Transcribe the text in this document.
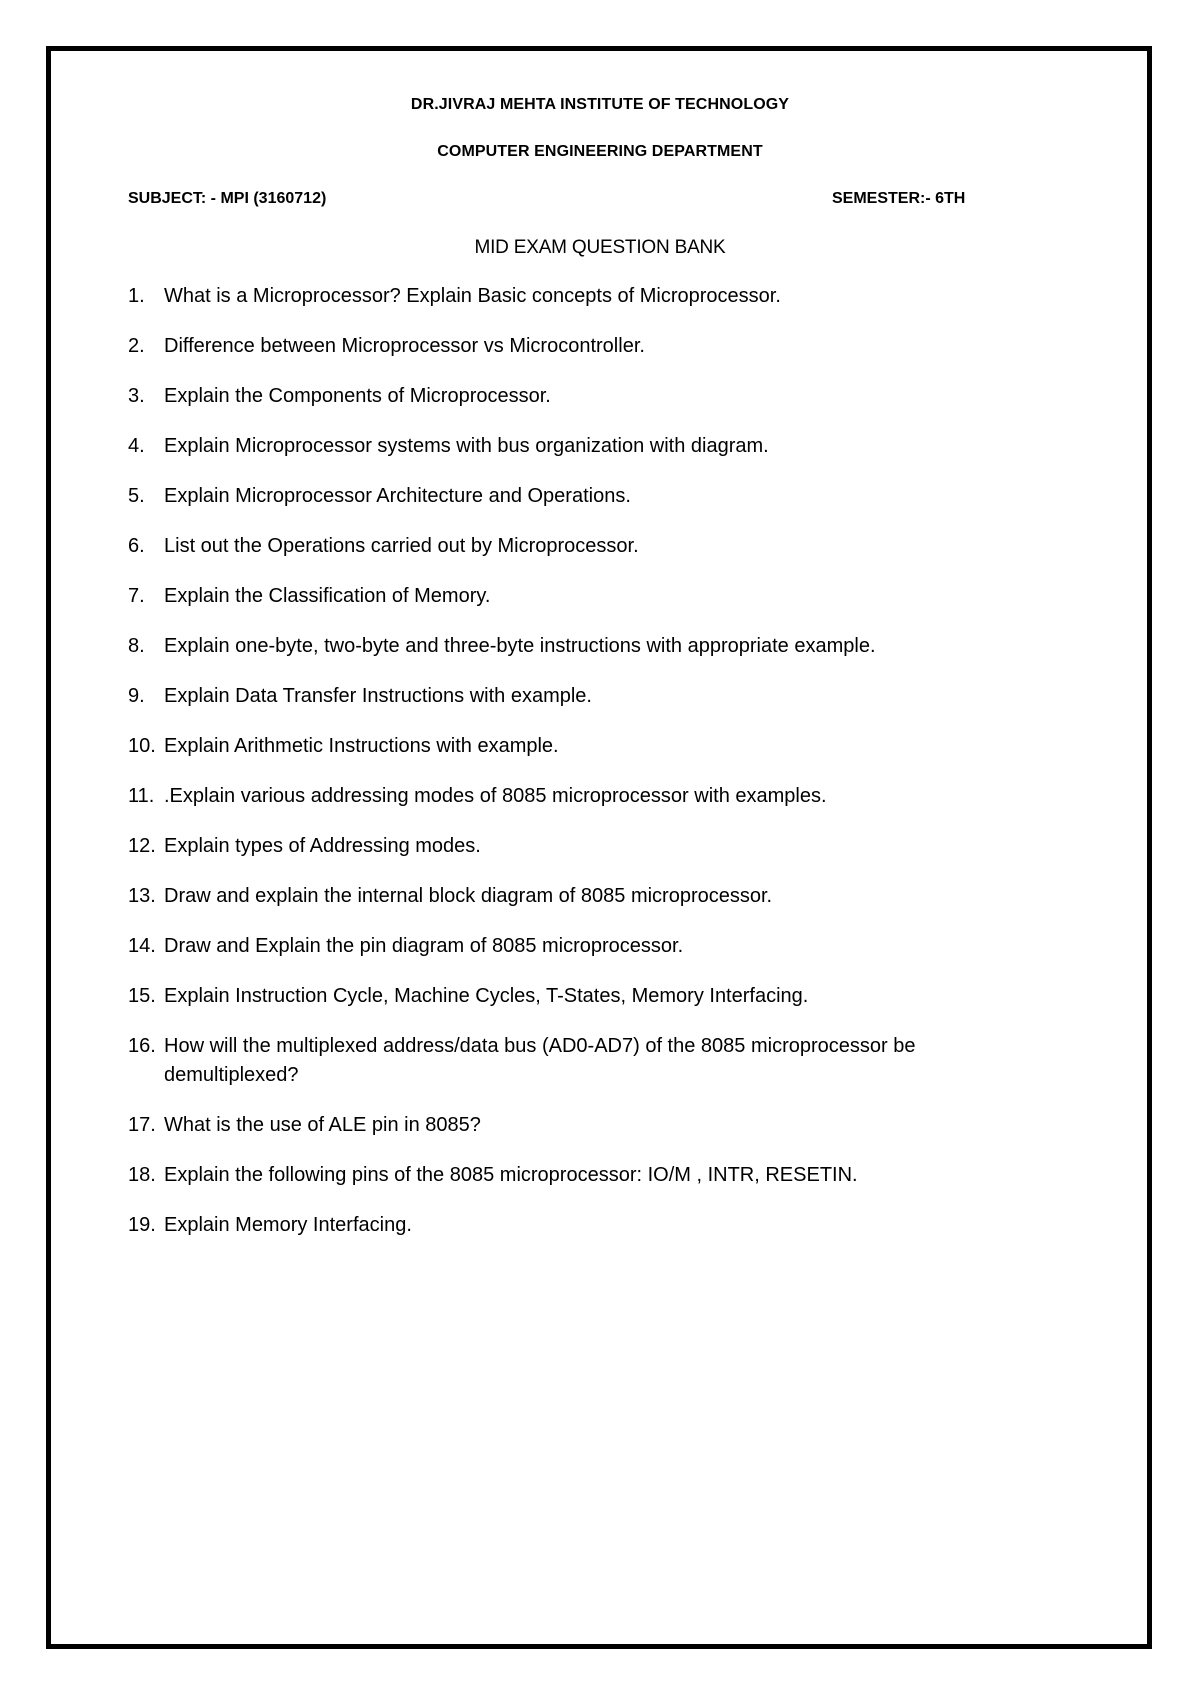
DR.JIVRAJ MEHTA INSTITUTE OF TECHNOLOGY
COMPUTER ENGINEERING DEPARTMENT
SUBJECT: - MPI (3160712)	SEMESTER:- 6TH
MID EXAM QUESTION BANK
1. What is a Microprocessor? Explain Basic concepts of Microprocessor.
2. Difference between Microprocessor vs Microcontroller.
3. Explain the Components of Microprocessor.
4. Explain Microprocessor systems with bus organization with diagram.
5. Explain Microprocessor Architecture and Operations.
6. List out the Operations carried out by Microprocessor.
7. Explain the Classification of Memory.
8. Explain one-byte, two-byte and three-byte instructions with appropriate example.
9. Explain Data Transfer Instructions with example.
10. Explain Arithmetic Instructions with example.
11. .Explain various addressing modes of 8085 microprocessor with examples.
12. Explain types of Addressing modes.
13. Draw and explain the internal block diagram of 8085 microprocessor.
14. Draw and Explain the pin diagram of 8085 microprocessor.
15. Explain Instruction Cycle, Machine Cycles, T-States, Memory Interfacing.
16. How will the multiplexed address/data bus (AD0-AD7) of the 8085 microprocessor be demultiplexed?
17. What is the use of ALE pin in 8085?
18. Explain the following pins of the 8085 microprocessor: IO/M , INTR, RESETIN.
19. Explain Memory Interfacing.
